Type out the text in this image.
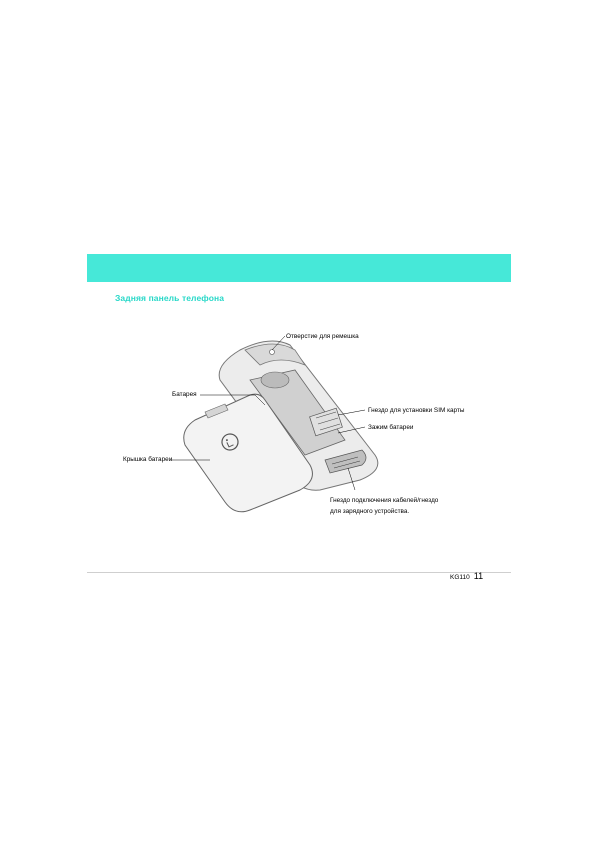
Задняя панель телефона
Отверстие для ремешка
Батарея
Гнездо для установки SIM карты
Зажим батареи
Крышка батареи
Гнездо подключения кабелей/гнездо
для зарядного устройства.
KG110 11
